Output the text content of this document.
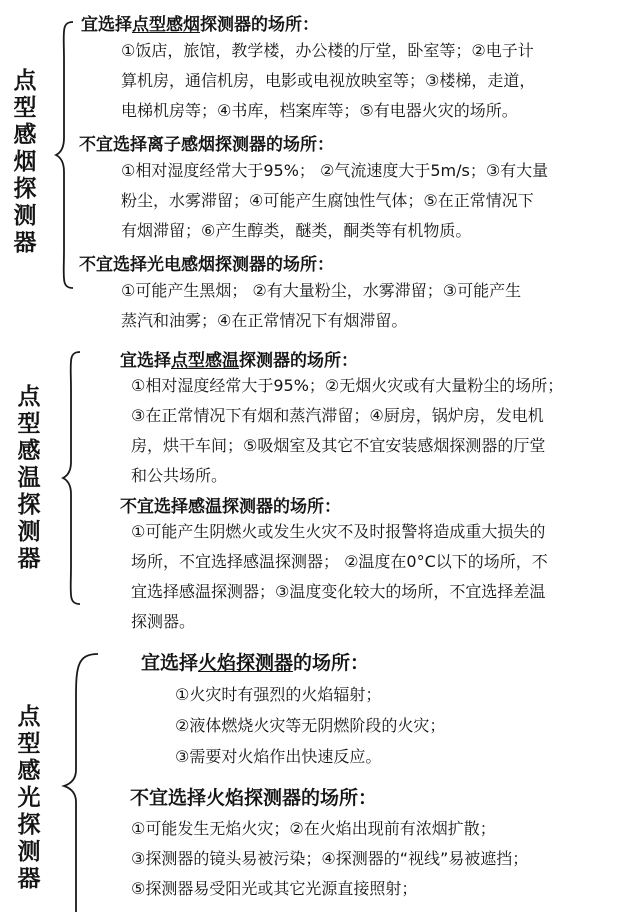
点
型
感
烟
探
测
器
宜选择点型感烟探测器的场所：
①饭店，旅馆，教学楼，办公楼的厅堂，卧室等；②电子计
算机房，通信机房，电影或电视放映室等；③楼梯，走道，
电梯机房等；④书库，档案库等；⑤有电器火灾的场所。
不宜选择离子感烟探测器的场所：
①相对湿度经常大于95%； ②气流速度大于5m/s；③有大量
粉尘，水雾滞留；④可能产生腐蚀性气体；⑤在正常情况下
有烟滞留；⑥产生醇类，醚类，酮类等有机物质。
不宜选择光电感烟探测器的场所：
①可能产生黑烟； ②有大量粉尘，水雾滞留；③可能产生
蒸汽和油雾；④在正常情况下有烟滞留。
点
型
感
温
探
测
器
宜选择点型感温探测器的场所：
①相对湿度经常大于95%；②无烟火灾或有大量粉尘的场所；
③在正常情况下有烟和蒸汽滞留；④厨房，锅炉房，发电机
房，烘干车间；⑤吸烟室及其它不宜安装感烟探测器的厅堂
和公共场所。
不宜选择感温探测器的场所：
①可能产生阴燃火或发生火灾不及时报警将造成重大损失的
场所，不宜选择感温探测器； ②温度在0°C以下的场所，不
宜选择感温探测器；③温度变化较大的场所，不宜选择差温
探测器。
点
型
感
光
探
测
器
宜选择火焰探测器的场所：
①火灾时有强烈的火焰辐射；
②液体燃烧火灾等无阴燃阶段的火灾；
③需要对火焰作出快速反应。
不宜选择火焰探测器的场所：
①可能发生无焰火灾；②在火焰出现前有浓烟扩散；
③探测器的镜头易被污染；④探测器的“视线”易被遮挡；
⑤探测器易受阳光或其它光源直接照射；
